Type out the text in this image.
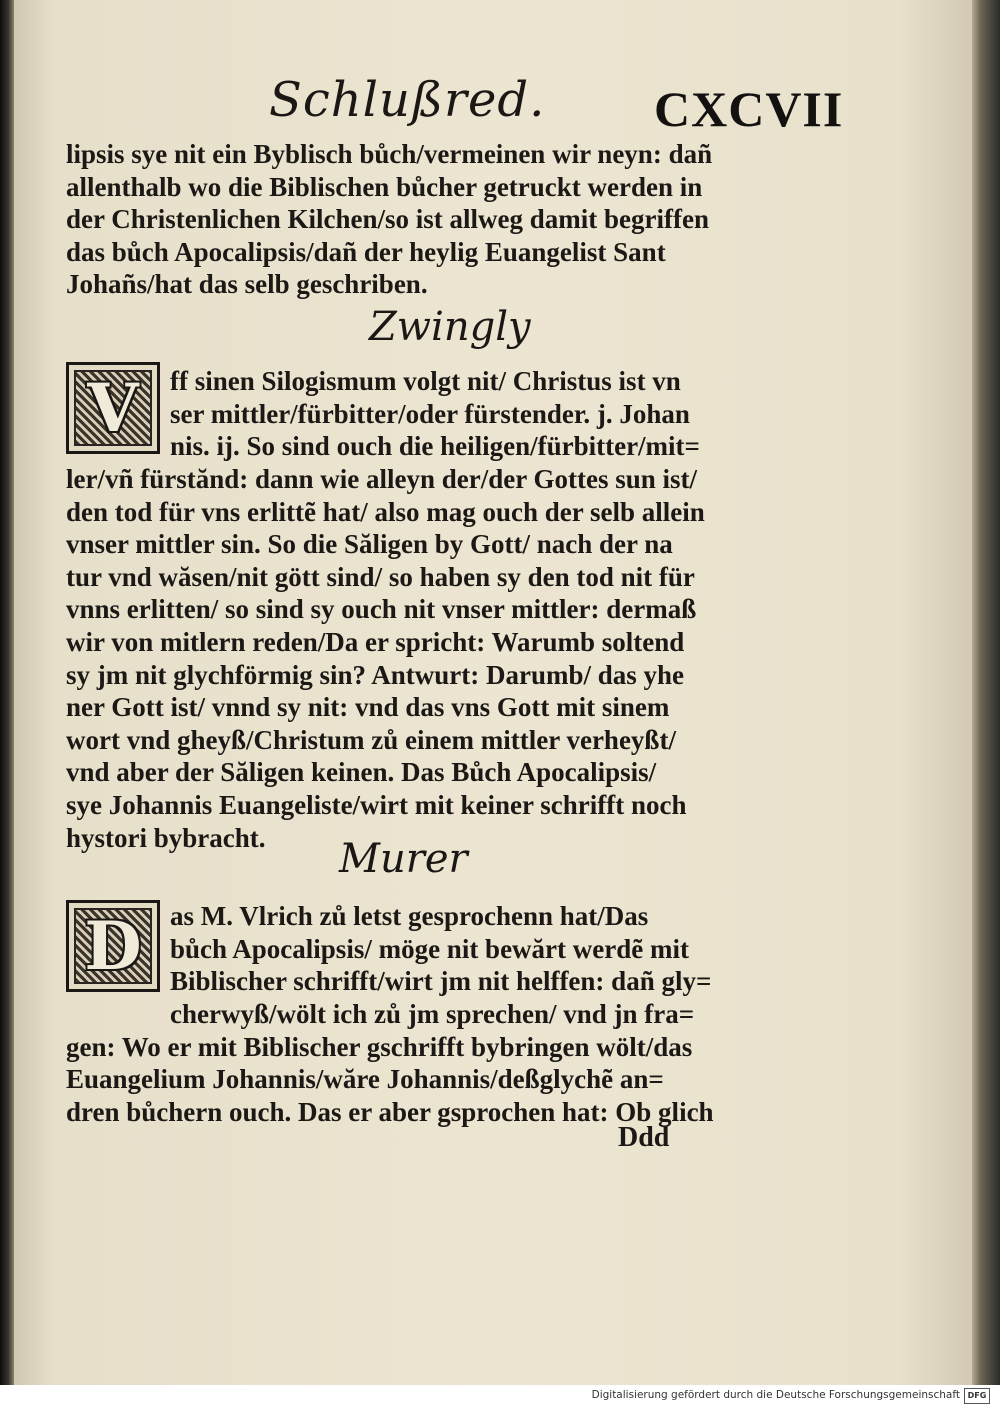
Schlußred. CXCVII
lipsis sye nit ein Byblisch bůch/vermeinen wir neyn: dañ
allenthalb wo die Biblischen bůcher getruckt werden in
der Christenlichen Kilchen/so ist allweg damit begriffen
das bůch Apocalipsis/dañ der heylig Euangelist Sant
Johañs/hat das selb geschriben.
Zwingly
V ff sinen Silogismum volgt nit/ Christus ist vn
ser mittler/fürbitter/oder fürstender. j. Johan
nis. ij. So sind ouch die heiligen/fürbitter/mit=
ler/vñ fürstănd: dann wie alleyn der/der Gottes sun ist/
den tod für vns erlittẽ hat/ also mag ouch der selb allein
vnser mittler sin. So die Săligen by Gott/ nach der na
tur vnd wăsen/nit gött sind/ so haben sy den tod nit für
vnns erlitten/ so sind sy ouch nit vnser mittler: dermaß
wir von mitlern reden/Da er spricht: Warumb soltend
sy jm nit glychförmig sin? Antwurt: Darumb/ das yhe
ner Gott ist/ vnnd sy nit: vnd das vns Gott mit sinem
wort vnd gheyß/Christum zů einem mittler verheyßt/
vnd aber der Săligen keinen. Das Bůch Apocalipsis/
sye Johannis Euangeliste/wirt mit keiner schrifft noch
hystori bybracht.	Murer
D as M. Vlrich zů letst gesprochenn hat/Das
bůch Apocalipsis/ möge nit bewărt werdẽ mit
Biblischer schrifft/wirt jm nit helffen: dañ gly=
cherwyß/wölt ich zů jm sprechen/ vnd jn fra=
gen: Wo er mit Biblischer gschrifft bybringen wölt/das
Euangelium Johannis/wăre Johannis/deßglychẽ an=
dren bůchern ouch. Das er aber gsprochen hat: Ob glich
Ddd
Digitalisierung gefördert durch die Deutsche Forschungsgemeinschaft DFG
